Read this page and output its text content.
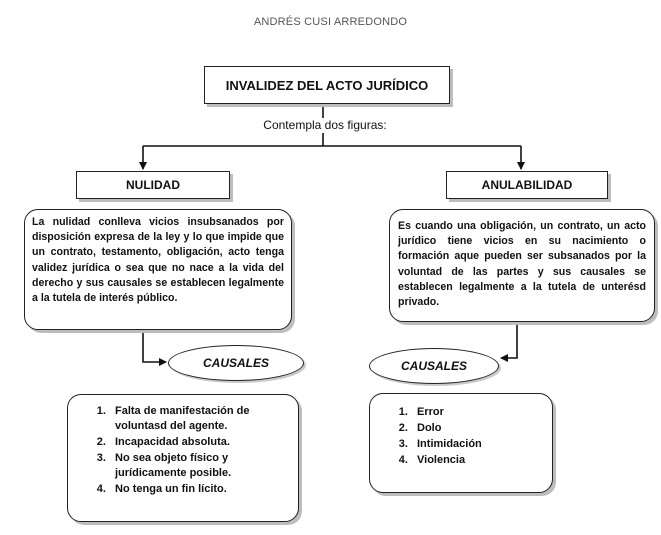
ANDRÉS CUSI ARREDONDO
INVALIDEZ DEL ACTO JURÍDICO
Contempla dos figuras:
NULIDAD	ANULABILIDAD
La nulidad conlleva vicios insubsanados por disposición expresa de la ley y lo que impide que un contrato, testamento, obligación, acto tenga validez jurídica o sea que no nace a la vida del derecho y sus causales se establecen legalmente a la tutela de interés público.
Es cuando una obligación, un contrato, un acto jurídico tiene vicios en su nacimiento o formación aque pueden ser subsanados por la voluntad de las partes y sus causales se establecen legalmente a la tutela de unterésd privado.
CAUSALES	CAUSALES
1. Falta de manifestación de voluntasd del agente.
2. Incapacidad absoluta.
3. No sea objeto físico y jurídicamente posible.
4. No tenga un fin lícito.
1. Error
2. Dolo
3. Intimidación
4. Violencia
